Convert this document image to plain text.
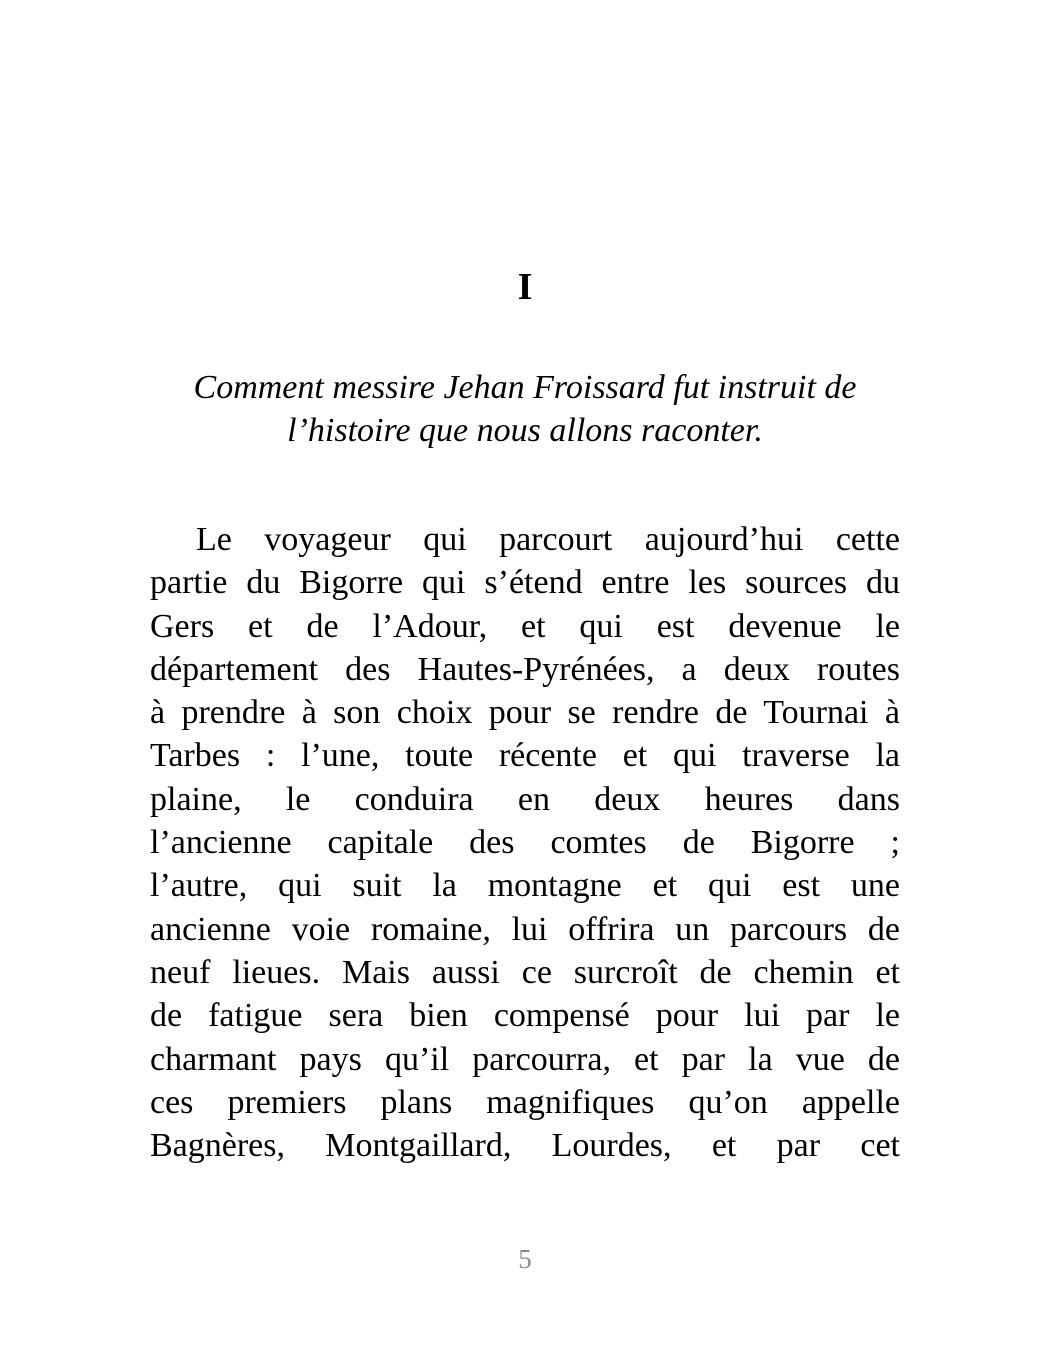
I
Comment messire Jehan Froissard fut instruit de
l’histoire que nous allons raconter.
Le voyageur qui parcourt aujourd’hui cette
partie du Bigorre qui s’étend entre les sources du
Gers et de l’Adour, et qui est devenue le
département des Hautes-Pyrénées, a deux routes
à prendre à son choix pour se rendre de Tournai à
Tarbes : l’une, toute récente et qui traverse la
plaine, le conduira en deux heures dans
l’ancienne capitale des comtes de Bigorre ;
l’autre, qui suit la montagne et qui est une
ancienne voie romaine, lui offrira un parcours de
neuf lieues. Mais aussi ce surcroît de chemin et
de fatigue sera bien compensé pour lui par le
charmant pays qu’il parcourra, et par la vue de
ces premiers plans magnifiques qu’on appelle
Bagnères, Montgaillard, Lourdes, et par cet
5
